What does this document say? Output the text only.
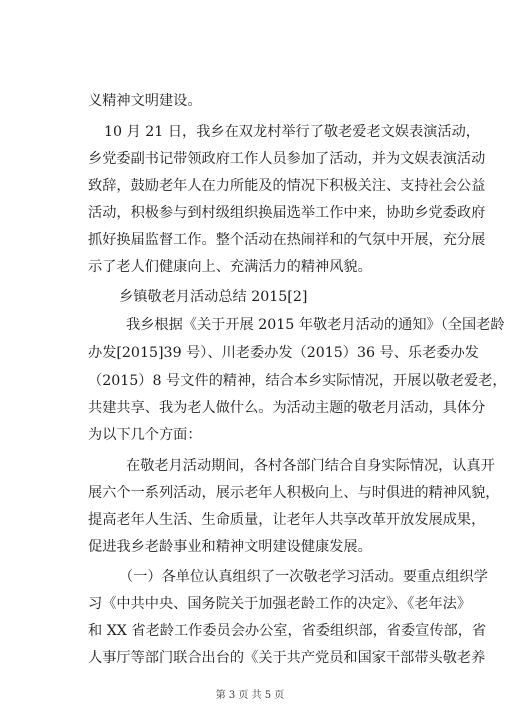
义精神文明建设。
10 月 21 日，我乡在双龙村举行了敬老爱老文娱表演活动，
乡党委副书记带领政府工作人员参加了活动，并为文娱表演活动
致辞，鼓励老年人在力所能及的情况下积极关注、支持社会公益
活动，积极参与到村级组织换届选举工作中来，协助乡党委政府
抓好换届监督工作。整个活动在热闹祥和的气氛中开展，充分展
示了老人们健康向上、充满活力的精神风貌。
乡镇敬老月活动总结 2015[2]
我乡根据《关于开展 2015 年敬老月活动的通知》（全国老龄
办发[2015]39 号）、川老委办发（2015）36 号、乐老委办发
（2015）8 号文件的精神，结合本乡实际情况，开展以敬老爱老，
共建共享、我为老人做什么。为活动主题的敬老月活动，具体分
为以下几个方面：
在敬老月活动期间，各村各部门结合自身实际情况，认真开
展六个一系列活动，展示老年人积极向上、与时俱进的精神风貌，
提高老年人生活、生命质量，让老年人共享改革开放发展成果，
促进我乡老龄事业和精神文明建设健康发展。
（一）各单位认真组织了一次敬老学习活动。要重点组织学
习《中共中央、国务院关于加强老龄工作的决定》、《老年法》
和 XX 省老龄工作委员会办公室，省委组织部，省委宣传部，省
人事厅等部门联合出台的《关于共产党员和国家干部带头敬老养
第 3 页 共 5 页
